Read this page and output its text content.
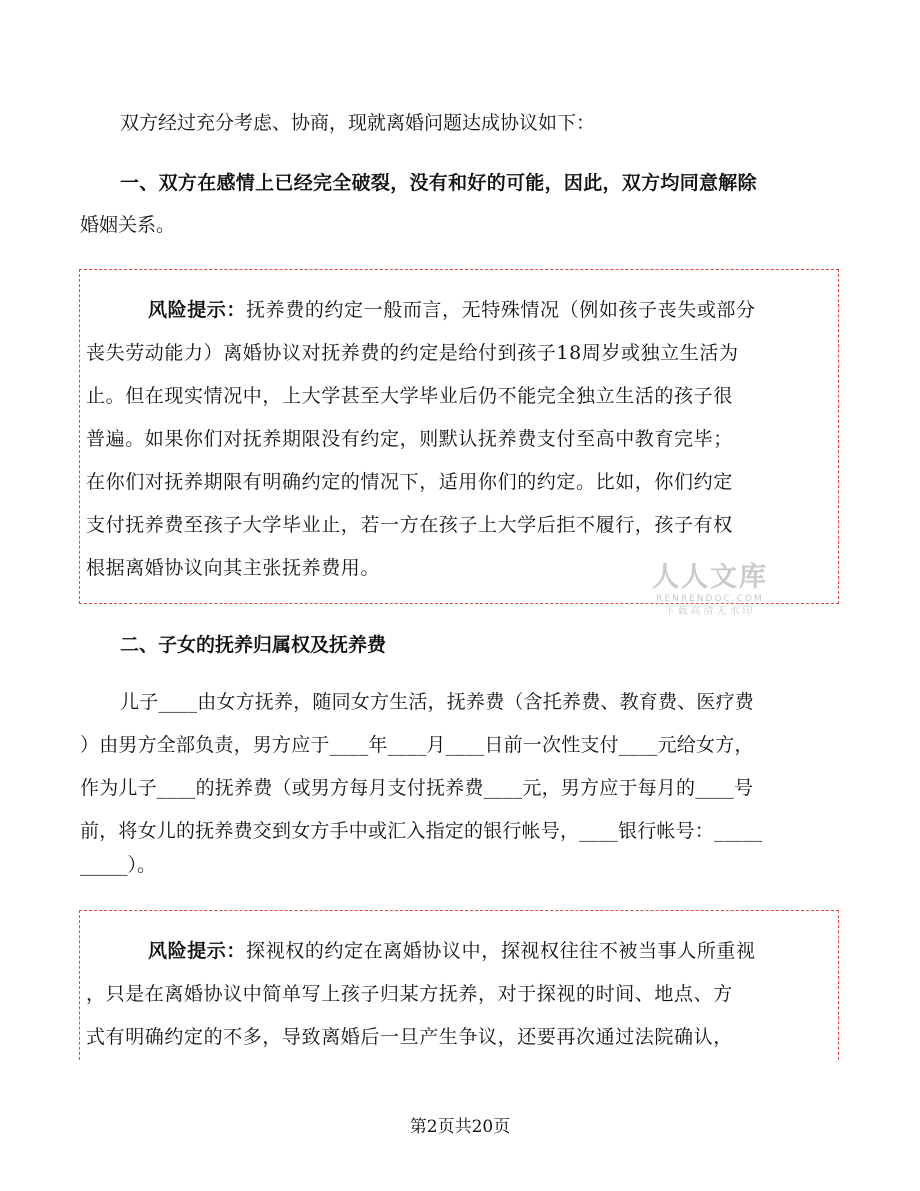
双方经过充分考虑、协商，现就离婚问题达成协议如下：
一、双方在感情上已经完全破裂，没有和好的可能，因此，双方均同意解除
婚姻关系。
风险提示：抚养费的约定一般而言，无特殊情况（例如孩子丧失或部分
丧失劳动能力）离婚协议对抚养费的约定是给付到孩子18周岁或独立生活为
止。但在现实情况中，上大学甚至大学毕业后仍不能完全独立生活的孩子很
普遍。如果你们对抚养期限没有约定，则默认抚养费支付至高中教育完毕；
在你们对抚养期限有明确约定的情况下，适用你们的约定。比如，你们约定
支付抚养费至孩子大学毕业止，若一方在孩子上大学后拒不履行，孩子有权
根据离婚协议向其主张抚养费用。	人人文库
RENRENDOC.COM
下载高清无水印
二、子女的抚养归属权及抚养费
儿子____由女方抚养，随同女方生活，抚养费（含托养费、教育费、医疗费
）由男方全部负责，男方应于____年____月____日前一次性支付____元给女方，
作为儿子____的抚养费（或男方每月支付抚养费____元，男方应于每月的____号
前，将女儿的抚养费交到女方手中或汇入指定的银行帐号，____银行帐号：_____
_____）。
风险提示：探视权的约定在离婚协议中，探视权往往不被当事人所重视
，只是在离婚协议中简单写上孩子归某方抚养，对于探视的时间、地点、方
式有明确约定的不多，导致离婚后一旦产生争议，还要再次通过法院确认，
第2页共20页
